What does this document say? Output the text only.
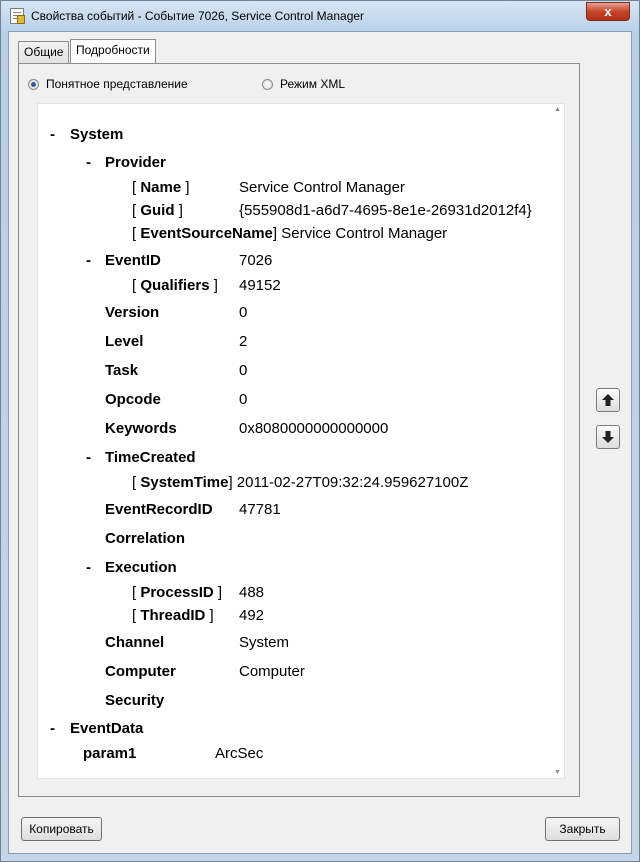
Свойства событий - Событие 7026, Service Control Manager	x
Общие	Подробности
Понятное представление	Режим XML
- System
- Provider
[ Name ]	Service Control Manager
[ Guid ]	{555908d1-a6d7-4695-8e1e-26931d2012f4}
[ EventSourceName] Service Control Manager
- EventID	7026
[ Qualifiers ] 49152
Version	0
Level	2
Task	0
Opcode	0
Keywords	0x8080000000000000
- TimeCreated
[ SystemTime] 2011-02-27T09:32:24.959627100Z
EventRecordID 47781
Correlation
- Execution
[ ProcessID ] 488
[ ThreadID ] 492
Channel	System
Computer	Computer
Security
- EventData
param1	ArcSec
▲
▼
Копировать	Закрыть
